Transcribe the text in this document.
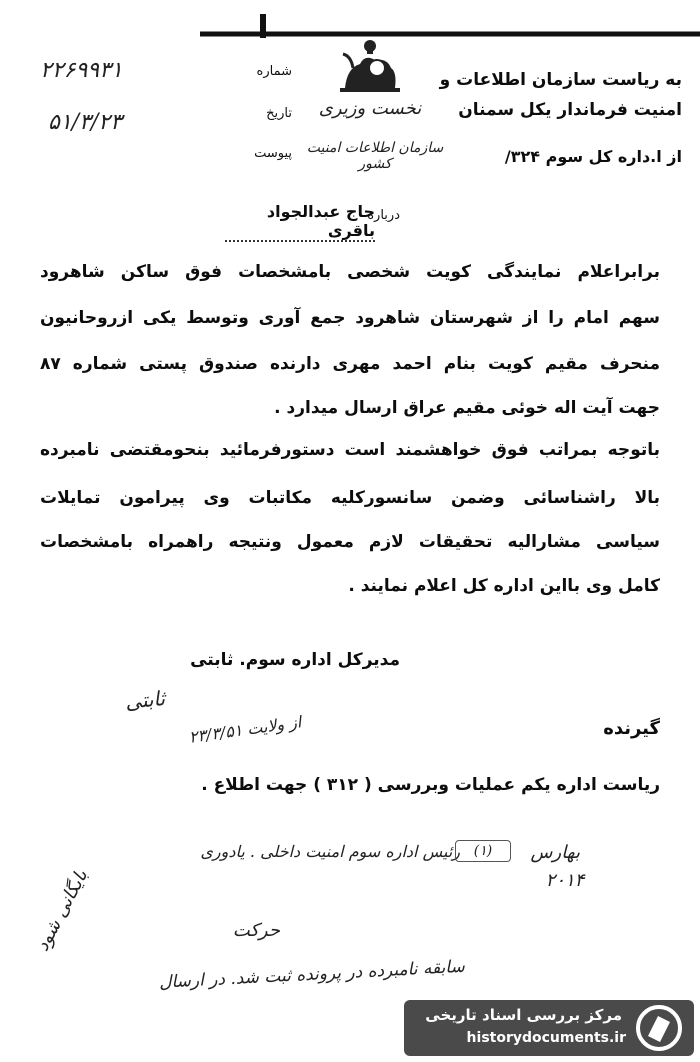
به ریاست سازمان اطلاعات و
امنیت فرماندار یکل سمنان
از ا.داره کل سوم ۳۲۴/
نخست وزیری
سازمان اطلاعات امنیت کشور
شماره
۲۲۶۹۹۳۱
تاریخ
۵۱/۳/۲۳
پیوست
درباره
حاج عبدالجواد باقری
برابراعلام نمایندگی کویت شخصی بامشخصات فوق ساکن شاهرود
سهم امام را از شهرستان شاهرود جمع آوری وتوسط یکی ازروحانیون
منحرف مقیم کویت بنام احمد مهری دارنده صندوق پستی شماره ۸۷
جهت آیت اله خوئی مقیم عراق ارسال میدارد .
باتوجه بمراتب فوق خواهشمند است دستورفرمائید بنحومقتضی نامبرده
بالا راشناسائی وضمن سانسورکلیه مکاتبات وی پیرامون تمایلات
سیاسی مشارالیه تحقیقات لازم معمول ونتیجه راهمراه بامشخصات
کامل وی بااین اداره کل اعلام نمایند .
مدیرکل اداره سوم. ثابتی
ثابتی
از ولایت ۲۳/۳/۵۱	گیرنده
ریاست اداره یکم عملیات وبررسی ( ۳۱۲ ) جهت اطلاع .
رئیس اداره سوم امنیت داخلی . یادوری (۱)	بهارس
۲۰۱۴
حرکت
سابقه نامبرده در پرونده ثبت شد. در ارسال
بایگانی شود
مرکز بررسی اسناد تاریخی
historydocuments.ir
